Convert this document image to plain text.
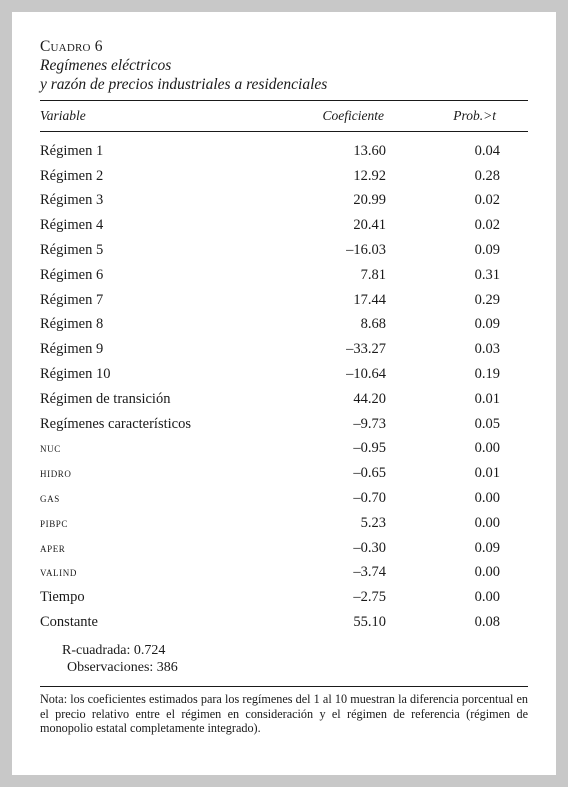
Cuadro 6
Regímenes eléctricos
y razón de precios industriales a residenciales
Variable	Coeficiente	Prob.>t
Régimen 1	13.60	0.04
Régimen 2	12.92	0.28
Régimen 3	20.99	0.02
Régimen 4	20.41	0.02
Régimen 5	–16.03	0.09
Régimen 6	7.81	0.31
Régimen 7	17.44	0.29
Régimen 8	8.68	0.09
Régimen 9	–33.27	0.03
Régimen 10	–10.64	0.19
Régimen de transición	44.20	0.01
Regímenes característicos	–9.73	0.05
nuc	–0.95	0.00
hidro	–0.65	0.01
gas	–0.70	0.00
pibpc	5.23	0.00
aper	–0.30	0.09
valind	–3.74	0.00
Tiempo	–2.75	0.00
Constante	55.10	0.08
R-cuadrada: 0.724
Observaciones: 386
Nota: los coeficientes estimados para los regímenes del 1 al 10 muestran la diferencia porcentual en el precio relativo entre el régimen en consideración y el régimen de referencia (régimen de monopolio estatal completamente integrado).
